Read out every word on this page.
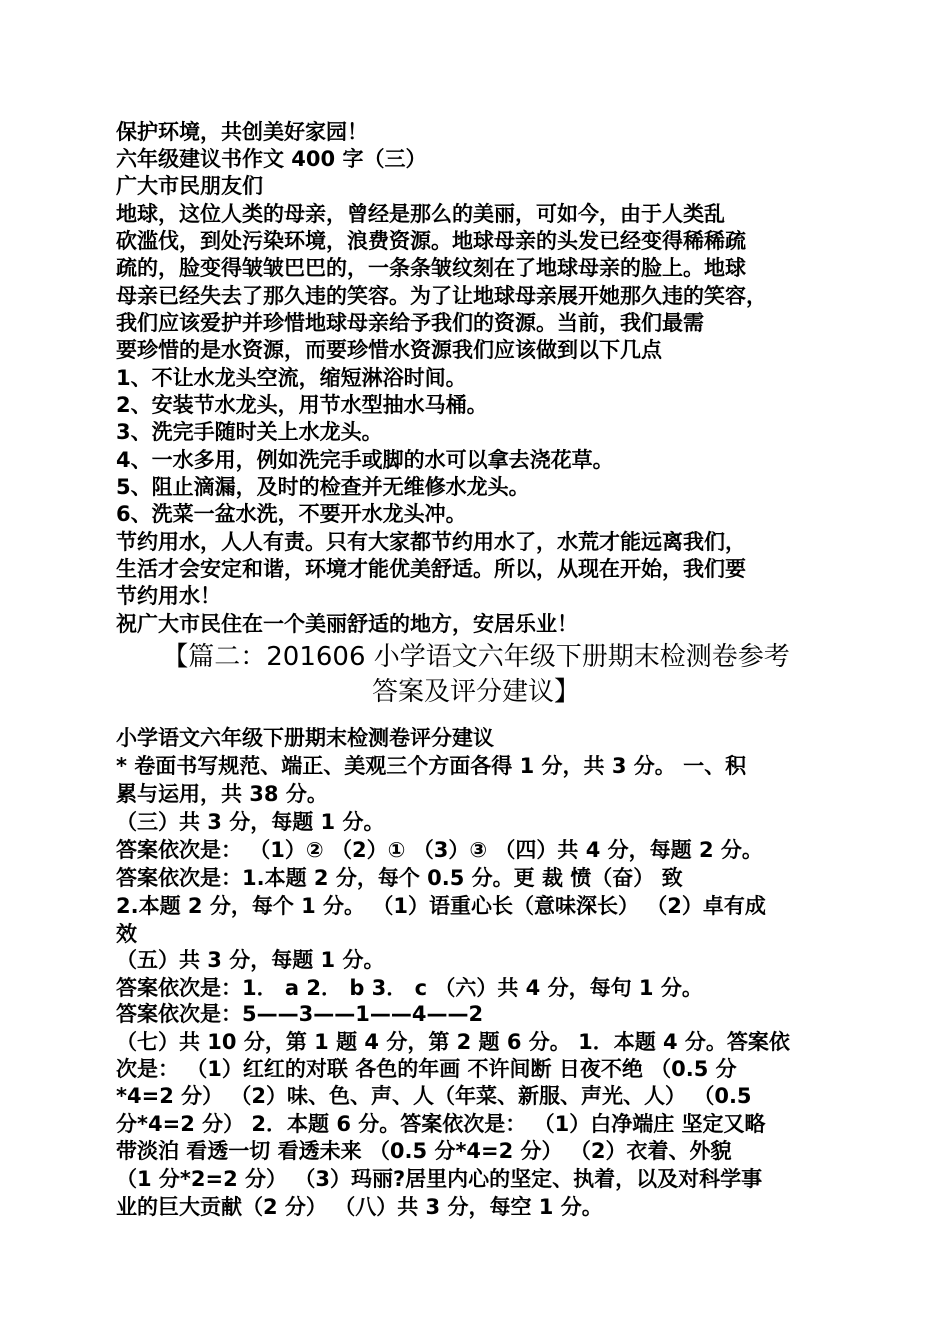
保护环境，共创美好家园！
六年级建议书作文 400 字（三）
广大市民朋友们
地球，这位人类的母亲，曾经是那么的美丽，可如今，由于人类乱
砍滥伐，到处污染环境，浪费资源。地球母亲的头发已经变得稀稀疏
疏的，脸变得皱皱巴巴的，一条条皱纹刻在了地球母亲的脸上。地球
母亲已经失去了那久违的笑容。为了让地球母亲展开她那久违的笑容，
我们应该爱护并珍惜地球母亲给予我们的资源。当前，我们最需
要珍惜的是水资源，而要珍惜水资源我们应该做到以下几点
1、不让水龙头空流，缩短淋浴时间。
2、安装节水龙头，用节水型抽水马桶。
3、洗完手随时关上水龙头。
4、一水多用，例如洗完手或脚的水可以拿去浇花草。
5、阻止滴漏，及时的检查并无维修水龙头。
6、洗菜一盆水洗，不要开水龙头冲。
节约用水，人人有责。只有大家都节约用水了，水荒才能远离我们，
生活才会安定和谐，环境才能优美舒适。所以，从现在开始，我们要
节约用水！
祝广大市民住在一个美丽舒适的地方，安居乐业！
【篇二：201606 小学语文六年级下册期末检测卷参考
答案及评分建议】
小学语文六年级下册期末检测卷评分建议
* 卷面书写规范、端正、美观三个方面各得 1 分，共 3 分。 一、积
累与运用，共 38 分。
（三）共 3 分，每题 1 分。
答案依次是： （1）② （2）① （3）③ （四）共 4 分，每题 2 分。
答案依次是：1.本题 2 分，每个 0.5 分。更 裁 愤（奋） 致
2.本题 2 分，每个 1 分。 （1）语重心长（意味深长） （2）卓有成
效
（五）共 3 分，每题 1 分。
答案依次是：1． a 2． b 3． c （六）共 4 分，每句 1 分。
答案依次是：5——3——1——4——2
（七）共 10 分，第 1 题 4 分，第 2 题 6 分。 1．本题 4 分。答案依
次是： （1）红红的对联 各色的年画 不许间断 日夜不绝 （0.5 分
*4=2 分） （2）味、色、声、人（年菜、新服、声光、人） （0.5
分*4=2 分） 2．本题 6 分。答案依次是： （1）白净端庄 坚定又略
带淡泊 看透一切 看透未来 （0.5 分*4=2 分） （2）衣着、外貌
（1 分*2=2 分） （3）玛丽?居里内心的坚定、执着，以及对科学事
业的巨大贡献（2 分） （八）共 3 分，每空 1 分。
